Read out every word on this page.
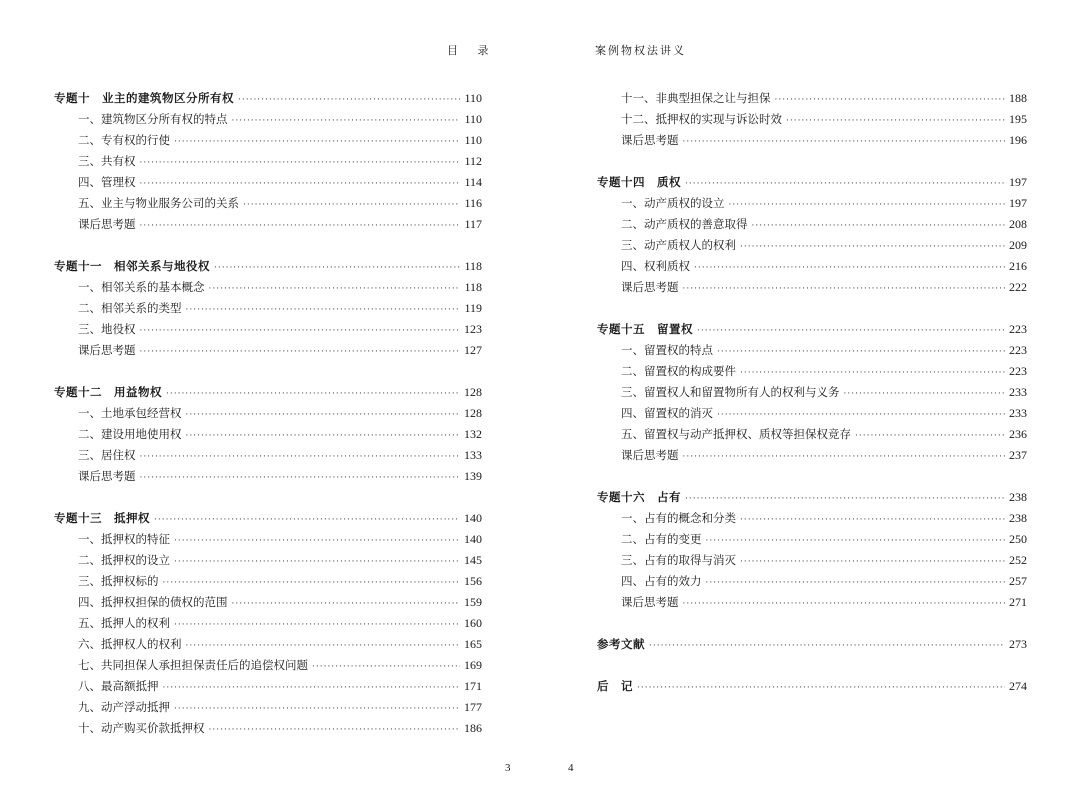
目 录
专题十　业主的建筑物区分所有权 ·····	110
一、建筑物区分所有权的特点 ·····	110
二、专有权的行使 ·····	110
三、共有权 ·····	112
四、管理权 ·····	114
五、业主与物业服务公司的关系 ·····	116
课后思考题 ·····	117
专题十一　相邻关系与地役权 ·····	118
一、相邻关系的基本概念 ·····	118
二、相邻关系的类型 ·····	119
三、地役权 ·····	123
课后思考题 ·····	127
专题十二　用益物权 ·····	128
一、土地承包经营权 ·····	128
二、建设用地使用权 ·····	132
三、居住权 ·····	133
课后思考题 ·····	139
专题十三　抵押权 ·····	140
一、抵押权的特征 ·····	140
二、抵押权的设立 ·····	145
三、抵押权标的 ·····	156
四、抵押权担保的债权的范围 ·····	159
五、抵押人的权利 ·····	160
六、抵押权人的权利 ·····	165
七、共同担保人承担担保责任后的追偿权问题 ·····	169
八、最高额抵押 ·····	171
九、动产浮动抵押 ·····	177
十、动产购买价款抵押权 ·····	186
3
案例物权法讲义
十一、非典型担保之让与担保 ·····	188
十二、抵押权的实现与诉讼时效 ·····	195
课后思考题 ·····	196
专题十四　质权 ·····	197
一、动产质权的设立 ·····	197
二、动产质权的善意取得 ·····	208
三、动产质权人的权利 ·····	209
四、权利质权 ·····	216
课后思考题 ·····	222
专题十五　留置权 ·····	223
一、留置权的特点 ·····	223
二、留置权的构成要件 ·····	223
三、留置权人和留置物所有人的权利与义务 ·····	233
四、留置权的消灭 ·····	233
五、留置权与动产抵押权、质权等担保权竞存 ·····	236
课后思考题 ·····	237
专题十六　占有 ·····	238
一、占有的概念和分类 ·····	238
二、占有的变更 ·····	250
三、占有的取得与消灭 ·····	252
四、占有的效力 ·····	257
课后思考题 ·····	271
参考文献 ·····	273
后　记 ·····	274
4
